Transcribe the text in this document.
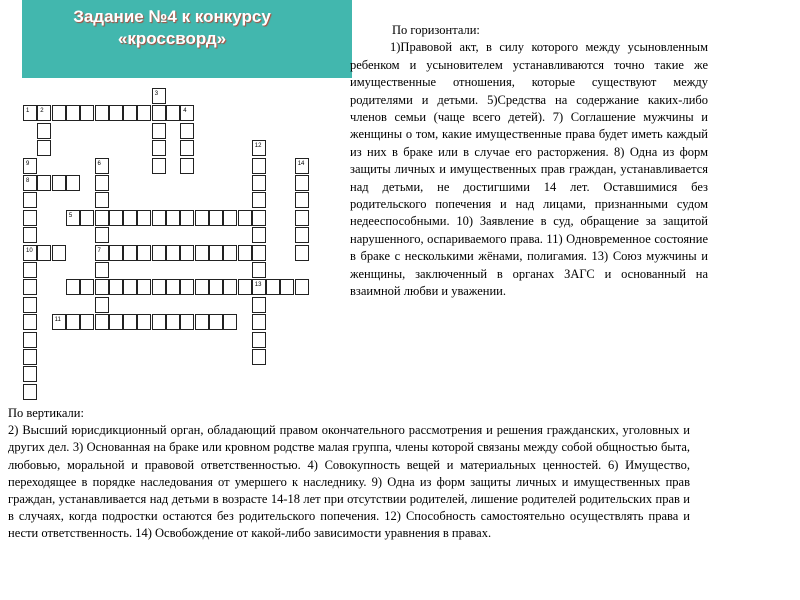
Задание №4 к конкурсу «кроссворд»
1 2
3
4
5
6
7
8
9
10
11
12
13
14
По горизонтали:
1)Правовой акт, в силу которого между усыновленным ребенком и усыновителем устанавливаются точно такие же имущественные отношения, которые существуют между родителями и детьми. 5)Средства на содержание каких-либо членов семьи (чаще всего детей). 7) Соглашение мужчины и женщины о том, какие имущественные права будет иметь каждый из них в браке или в случае его расторжения. 8) Одна из форм защиты личных и имущественных прав граждан, устанавливается над детьми, не достигшими 14 лет. Оставшимися без родительского попечения и над лицами, признанными судом недееспособными. 10) Заявление в суд, обращение за защитой нарушенного, оспариваемого права. 11) Одновременное состояние в браке с несколькими жёнами, полигамия. 13) Союз мужчины и женщины, заключенный в органах ЗАГС и основанный на взаимной любви и уважении.
По вертикали:
2) Высший юрисдикционный орган, обладающий правом окончательного рассмотрения и решения гражданских, уголовных и других дел. 3) Основанная на браке или кровном родстве малая группа, члены которой связаны между собой общностью быта, любовью, моральной и правовой ответственностью. 4) Совокупность вещей и материальных ценностей. 6) Имущество, переходящее в порядке наследования от умершего к наследнику. 9) Одна из форм защиты личных и имущественных прав граждан, устанавливается над детьми в возрасте 14-18 лет при отсутствии родителей, лишение родителей родительских прав и в случаях, когда подростки остаются без родительского попечения. 12) Способность самостоятельно осуществлять права и нести ответственность. 14) Освобождение от какой-либо зависимости уравнения в правах.
